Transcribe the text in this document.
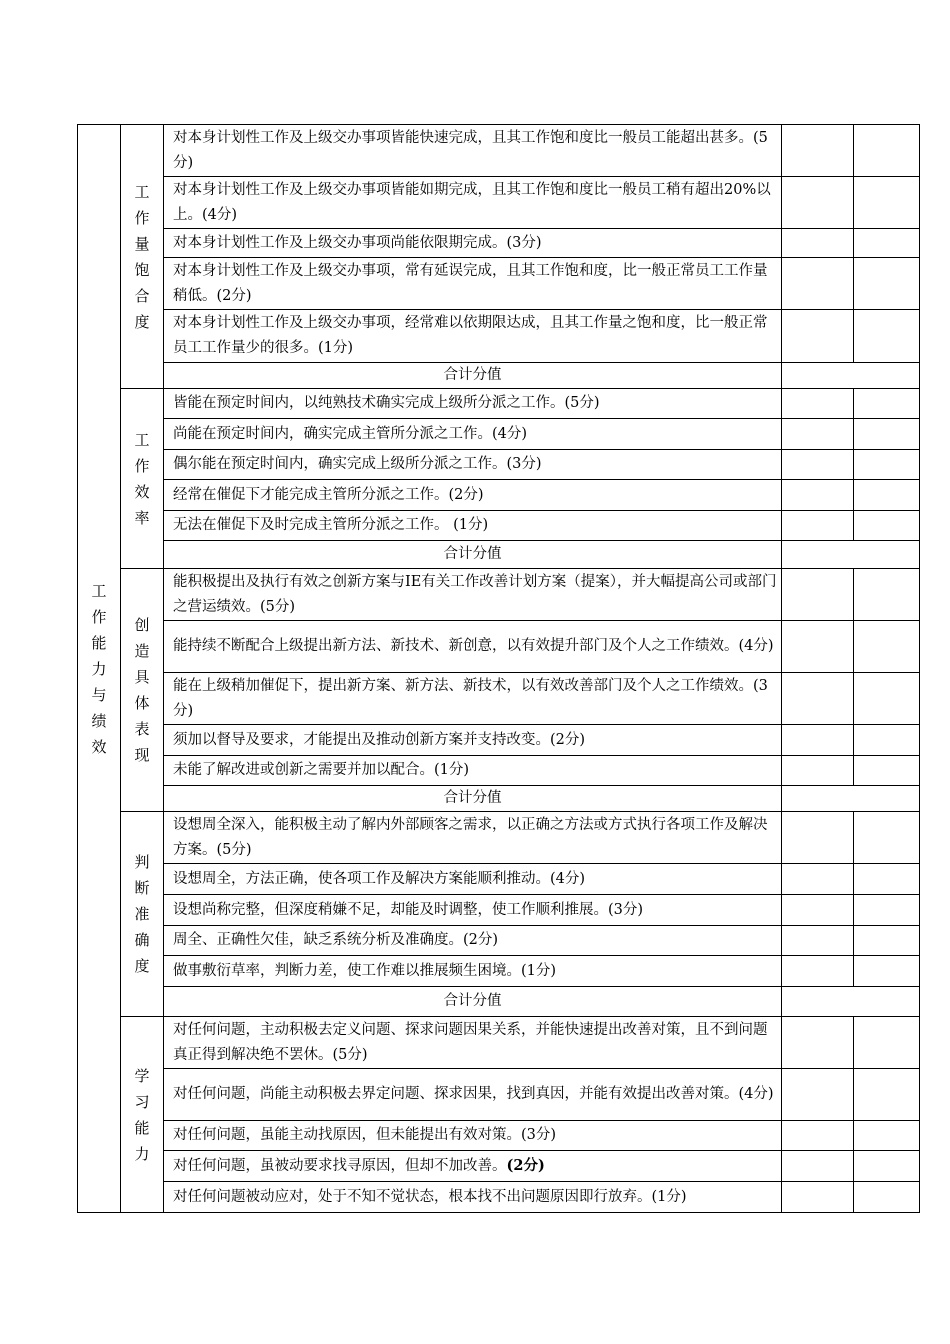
工作能力与绩效	工作量饱合度	对本身计划性工作及上级交办事项皆能快速完成，且其工作饱和度比一般员工能超出甚多。(5分)		
		对本身计划性工作及上级交办事项皆能如期完成，且其工作饱和度比一般员工稍有超出20%以上。(4分)		
		对本身计划性工作及上级交办事项尚能依限期完成。(3分)		
		对本身计划性工作及上级交办事项，常有延误完成，且其工作饱和度，比一般正常员工工作量稍低。(2分)		
		对本身计划性工作及上级交办事项，经常难以依期限达成，且其工作量之饱和度，比一般正常员工工作量少的很多。(1分)		
		合计分值		

	工作效率	皆能在预定时间内，以纯熟技术确实完成上级所分派之工作。(5分)		
		尚能在预定时间内，确实完成主管所分派之工作。(4分)		
		偶尔能在预定时间内，确实完成上级所分派之工作。(3分)		
		经常在催促下才能完成主管所分派之工作。(2分)		
		无法在催促下及时完成主管所分派之工作。 (1分)		
		合计分值		

	创造具体表现	能积极提出及执行有效之创新方案与IE有关工作改善计划方案（提案），并大幅提高公司或部门之营运绩效。(5分)		
		能持续不断配合上级提出新方法、新技术、新创意，以有效提升部门及个人之工作绩效。(4分)		
		能在上级稍加催促下，提出新方案、新方法、新技术，以有效改善部门及个人之工作绩效。(3分)		
		须加以督导及要求，才能提出及推动创新方案并支持改变。(2分)		
		未能了解改进或创新之需要并加以配合。(1分)		
		合计分值		

	判断准确度	设想周全深入，能积极主动了解内外部顾客之需求，以正确之方法或方式执行各项工作及解决方案。(5分)		
		设想周全，方法正确，使各项工作及解决方案能顺利推动。(4分)		
		设想尚称完整，但深度稍嫌不足，却能及时调整，使工作顺利推展。(3分)		
		周全、正确性欠佳，缺乏系统分析及准确度。(2分)		
		做事敷衍草率，判断力差，使工作难以推展频生困境。(1分)		
		合计分值		

	学习能力	对任何问题，主动积极去定义问题、探求问题因果关系，并能快速提出改善对策，且不到问题真正得到解决绝不罢休。(5分)		
		对任何问题，尚能主动积极去界定问题、探求因果，找到真因，并能有效提出改善对策。(4分)		
		对任何问题，虽能主动找原因，但未能提出有效对策。(3分)		
		对任何问题，虽被动要求找寻原因，但却不加改善。(2分)		
		对任何问题被动应对，处于不知不觉状态，根本找不出问题原因即行放弃。(1分)		
